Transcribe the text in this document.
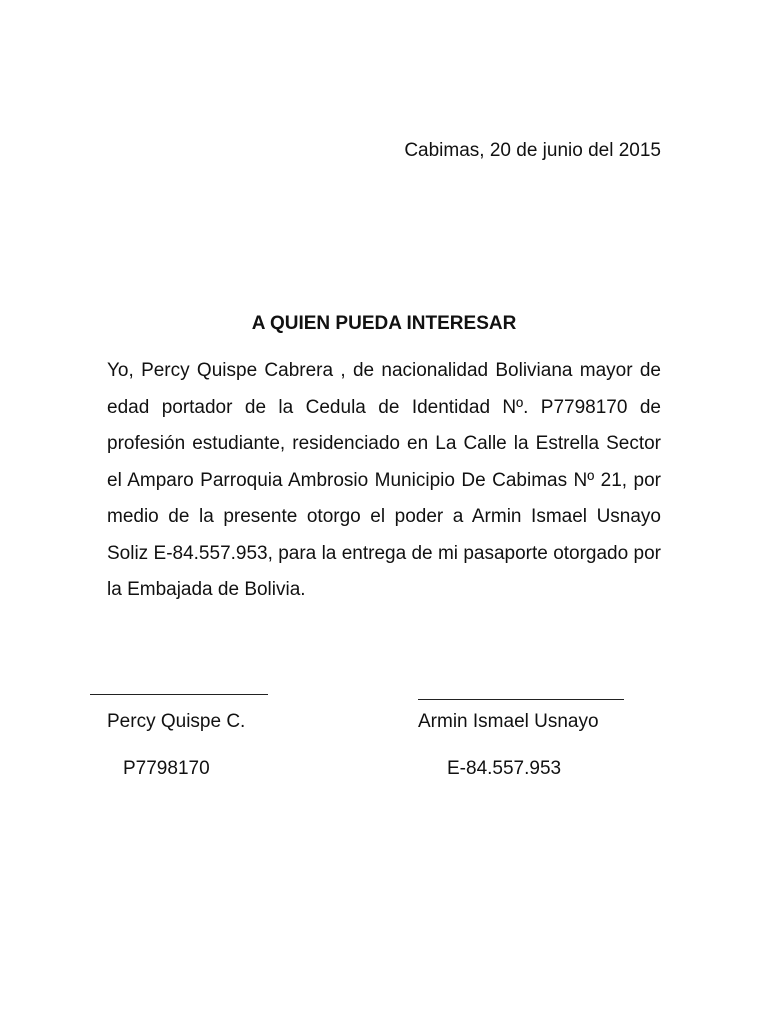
Cabimas, 20 de junio del 2015
A QUIEN PUEDA INTERESAR

Yo, Percy Quispe Cabrera , de nacionalidad Boliviana mayor de edad portador de la Cedula de Identidad Nº. P7798170 de profesión estudiante, residenciado en La Calle la Estrella Sector el Amparo Parroquia Ambrosio Municipio De Cabimas Nº 21, por medio de la presente otorgo el poder a Armin Ismael Usnayo Soliz E-84.557.953, para la entrega de mi pasaporte otorgado por la Embajada de Bolivia.

Percy Quispe C.
P7798170
Armin Ismael Usnayo
E-84.557.953
